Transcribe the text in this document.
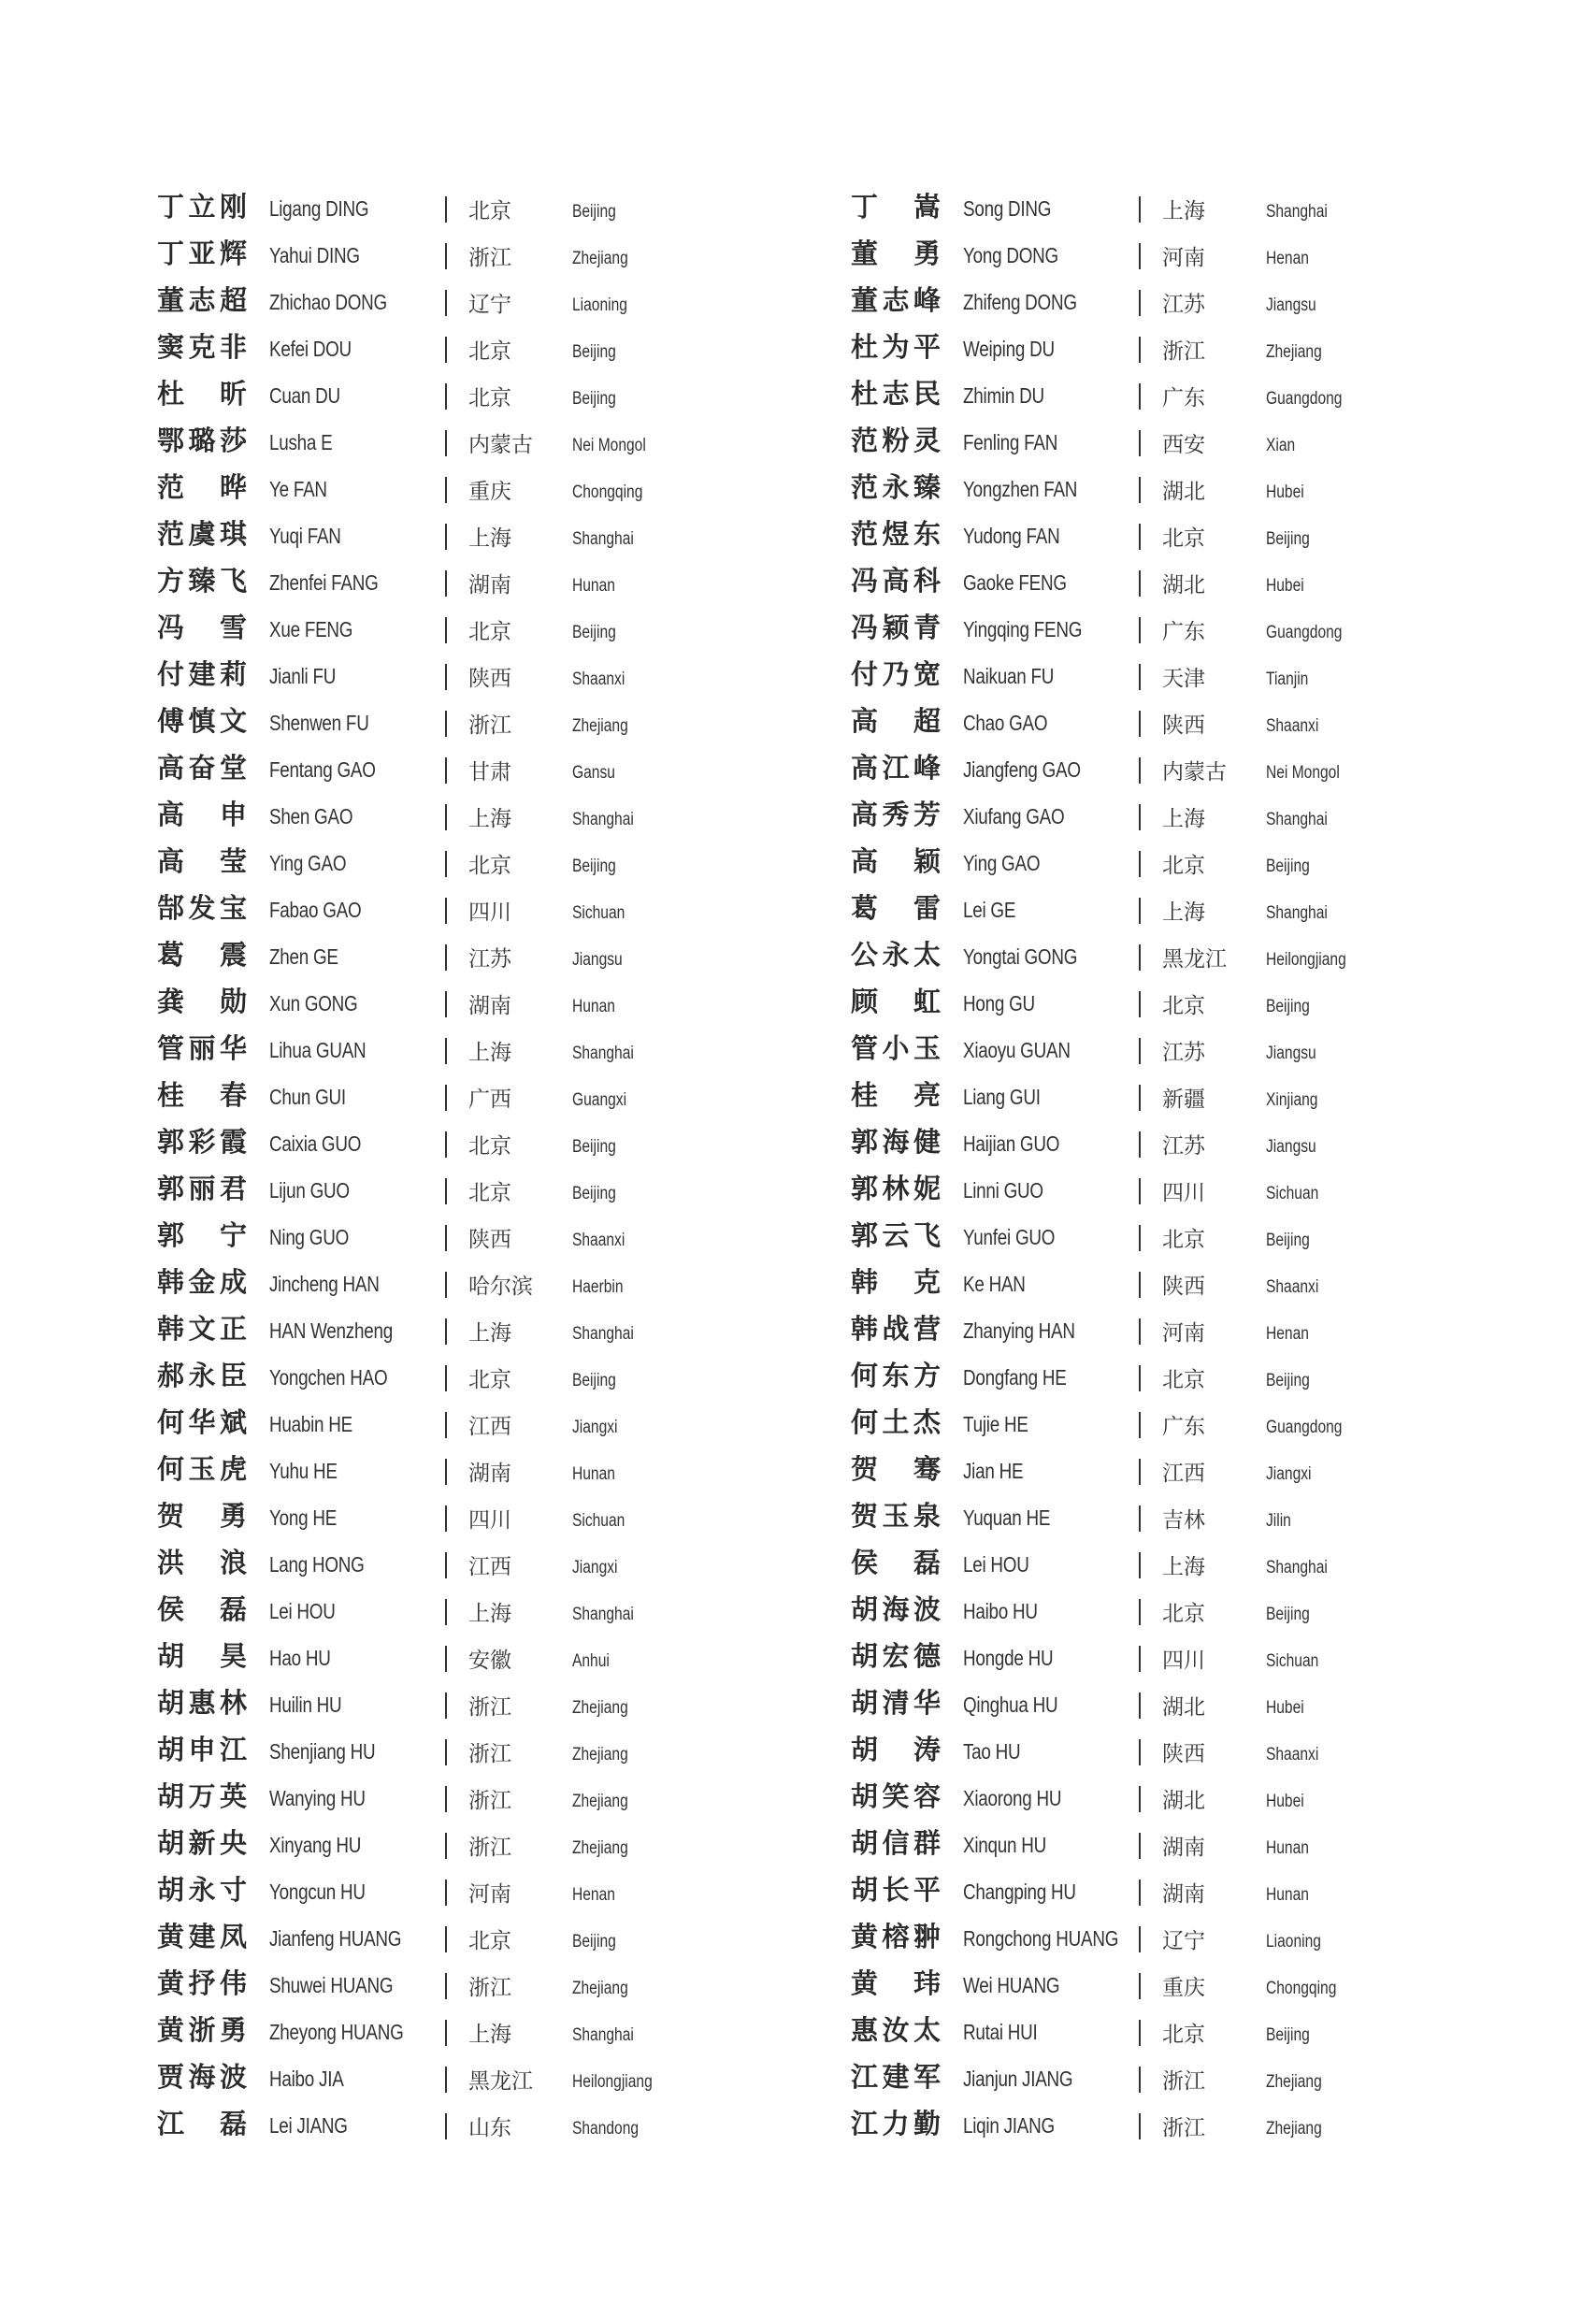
丁 立 刚 Ligang DING	北京	Beijing
丁 亚 辉 Yahui DING	浙江	Zhejiang
董 志 超 Zhichao DONG	辽宁	Liaoning
窦 克 非 Kefei DOU	北京	Beijing
杜 昕 Cuan DU	北京	Beijing
鄂 璐 莎 Lusha E	内蒙古 Nei Mongol
范 晔 Ye FAN	重庆	Chongqing
范 虞 琪 Yuqi FAN	上海	Shanghai
方 臻 飞 Zhenfei FANG	湖南	Hunan
冯 雪 Xue FENG	北京	Beijing
付 建 莉 Jianli FU	陕西	Shaanxi
傅 慎 文 Shenwen FU	浙江	Zhejiang
高 奋 堂 Fentang GAO	甘肃	Gansu
高 申 Shen GAO	上海	Shanghai
高 莹 Ying GAO	北京	Beijing
郜 发 宝 Fabao GAO	四川	Sichuan
葛 震 Zhen GE	江苏	Jiangsu
龚 勋 Xun GONG	湖南	Hunan
管 丽 华 Lihua GUAN	上海	Shanghai
桂 春 Chun GUI	广西	Guangxi
郭 彩 霞 Caixia GUO	北京	Beijing
郭 丽 君 Lijun GUO	北京	Beijing
郭 宁 Ning GUO	陕西	Shaanxi
韩 金 成 Jincheng HAN	哈尔滨 Haerbin
韩 文 正 HAN Wenzheng	上海	Shanghai
郝 永 臣 Yongchen HAO	北京	Beijing
何 华 斌 Huabin HE	江西	Jiangxi
何 玉 虎 Yuhu HE	湖南	Hunan
贺 勇 Yong HE	四川	Sichuan
洪 浪 Lang HONG	江西	Jiangxi
侯 磊 Lei HOU	上海	Shanghai
胡 昊 Hao HU	安徽	Anhui
胡 惠 林 Huilin HU	浙江	Zhejiang
胡 申 江 Shenjiang HU	浙江	Zhejiang
胡 万 英 Wanying HU	浙江	Zhejiang
胡 新 央 Xinyang HU	浙江	Zhejiang
胡 永 寸 Yongcun HU	河南	Henan
黄 建 凤 Jianfeng HUANG	北京	Beijing
黄 抒 伟 Shuwei HUANG	浙江	Zhejiang
黄 浙 勇 Zheyong HUANG	上海	Shanghai
贾 海 波 Haibo JIA	黑龙江 Heilongjiang
江 磊 Lei JIANG	山东	Shandong
丁 嵩 Song DING	上海	Shanghai
董 勇 Yong DONG	河南	Henan
董 志 峰 Zhifeng DONG	江苏	Jiangsu
杜 为 平 Weiping DU	浙江	Zhejiang
杜 志 民 Zhimin DU	广东	Guangdong
范 粉 灵 Fenling FAN	西安	Xian
范 永 臻 Yongzhen FAN	湖北	Hubei
范 煜 东 Yudong FAN	北京	Beijing
冯 高 科 Gaoke FENG	湖北	Hubei
冯 颖 青 Yingqing FENG	广东	Guangdong
付 乃 宽 Naikuan FU	天津	Tianjin
高 超 Chao GAO	陕西	Shaanxi
高 江 峰 Jiangfeng GAO	内蒙古 Nei Mongol
高 秀 芳 Xiufang GAO	上海	Shanghai
高 颖 Ying GAO	北京	Beijing
葛 雷 Lei GE	上海	Shanghai
公 永 太 Yongtai GONG	黑龙江 Heilongjiang
顾 虹 Hong GU	北京	Beijing
管 小 玉 Xiaoyu GUAN	江苏	Jiangsu
桂 亮 Liang GUI	新疆	Xinjiang
郭 海 健 Haijian GUO	江苏	Jiangsu
郭 林 妮 Linni GUO	四川	Sichuan
郭 云 飞 Yunfei GUO	北京	Beijing
韩 克 Ke HAN	陕西	Shaanxi
韩 战 营 Zhanying HAN	河南	Henan
何 东 方 Dongfang HE	北京	Beijing
何 土 杰 Tujie HE	广东	Guangdong
贺 骞 Jian HE	江西	Jiangxi
贺 玉 泉 Yuquan HE	吉林	Jilin
侯 磊 Lei HOU	上海	Shanghai
胡 海 波 Haibo HU	北京	Beijing
胡 宏 德 Hongde HU	四川	Sichuan
胡 清 华 Qinghua HU	湖北	Hubei
胡 涛 Tao HU	陕西	Shaanxi
胡 笑 容 Xiaorong HU	湖北	Hubei
胡 信 群 Xinqun HU	湖南	Hunan
胡 长 平 Changping HU	湖南	Hunan
黄 榕 翀 Rongchong HUANG 辽宁	Liaoning
黄 玮 Wei HUANG	重庆	Chongqing
惠 汝 太 Rutai HUI	北京	Beijing
江 建 军 Jianjun JIANG	浙江	Zhejiang
江 力 勤 Liqin JIANG	浙江	Zhejiang
